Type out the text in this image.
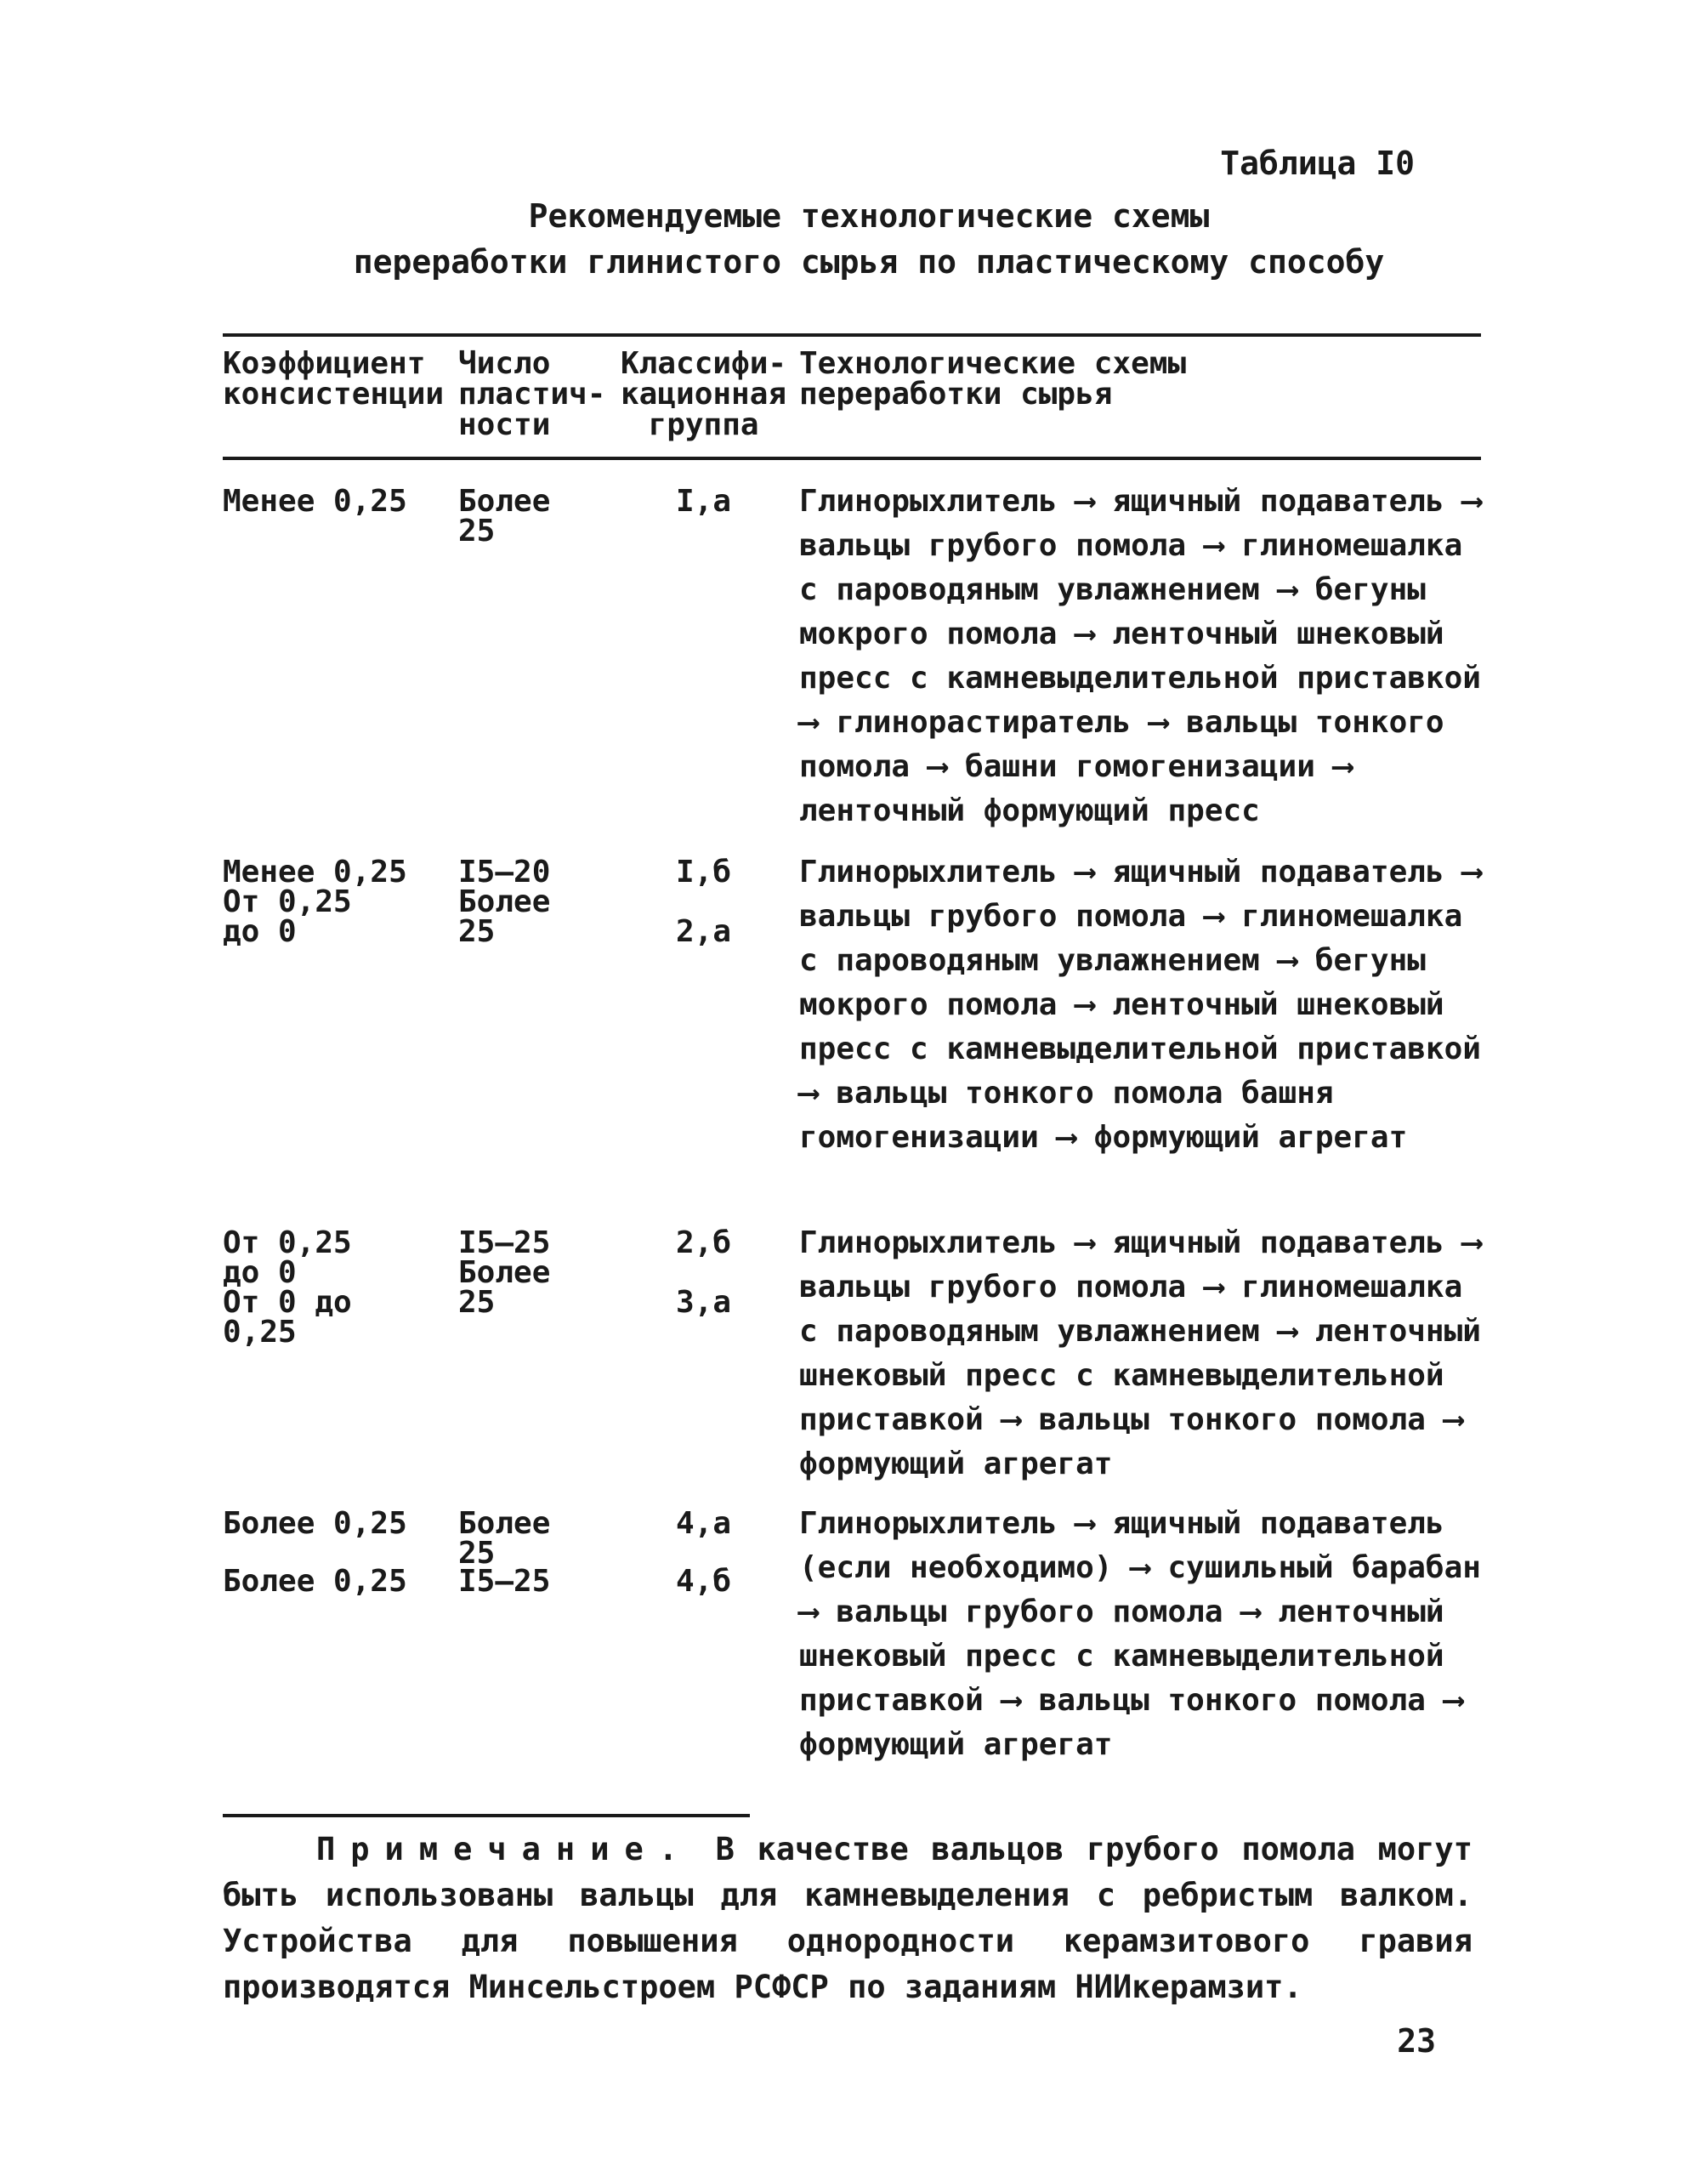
Таблица I0
Рекомендуемые технологические схемы
переработки глинистого сырья по пластическому способу
Коэффициент
консистенции
Число
пластич-
ности
Классифи-
кационная
группа
Технологические схемы
переработки сырья
Менее 0,25 Более
25
I,а Глинорыхлитель ⟶ ящичный подаватель ⟶ вальцы грубого помола ⟶ глиномешалка с пароводяным увлажнением ⟶ бегуны мокрого помола ⟶ ленточный шнековый пресс с камневыделительной приставкой ⟶ глинорастиратель ⟶ вальцы тонкого помола ⟶ башни гомогенизации ⟶ ленточный формующий пресс
Менее 0,25
От 0,25
до 0
I5–20
Более
25
I,б
2,а
Глинорыхлитель ⟶ ящичный подаватель ⟶ вальцы грубого помола ⟶ глиномешалка с пароводяным увлажнением ⟶ бегуны мокрого помола ⟶ ленточный шнековый пресс с камневыделительной приставкой ⟶ вальцы тонкого помола башня гомогенизации ⟶ формующий агрегат
От 0,25
до 0
От 0 до
0,25
I5–25
Более
25
2,б
3,а
Глинорыхлитель ⟶ ящичный подаватель ⟶ вальцы грубого помола ⟶ глиномешалка с пароводяным увлажнением ⟶ ленточный шнековый пресс с камневыделительной приставкой ⟶ вальцы тонкого помола ⟶ формующий агрегат
Более 0,25
Более 0,25
Более
25
I5–25
4,а
4,б
Глинорыхлитель ⟶ ящичный подаватель (если необходимо) ⟶ сушильный барабан ⟶ вальцы грубого помола ⟶ ленточный шнековый пресс с камневыделительной приставкой ⟶ вальцы тонкого помола ⟶ формующий агрегат
Примечание. В качестве вальцов грубого помола могут быть использованы вальцы для камневыделения с ребристым валком. Устройства для повышения однородности керамзитового гравия производятся Минсельстроем РСФСР по заданиям НИИкерамзит.
23
